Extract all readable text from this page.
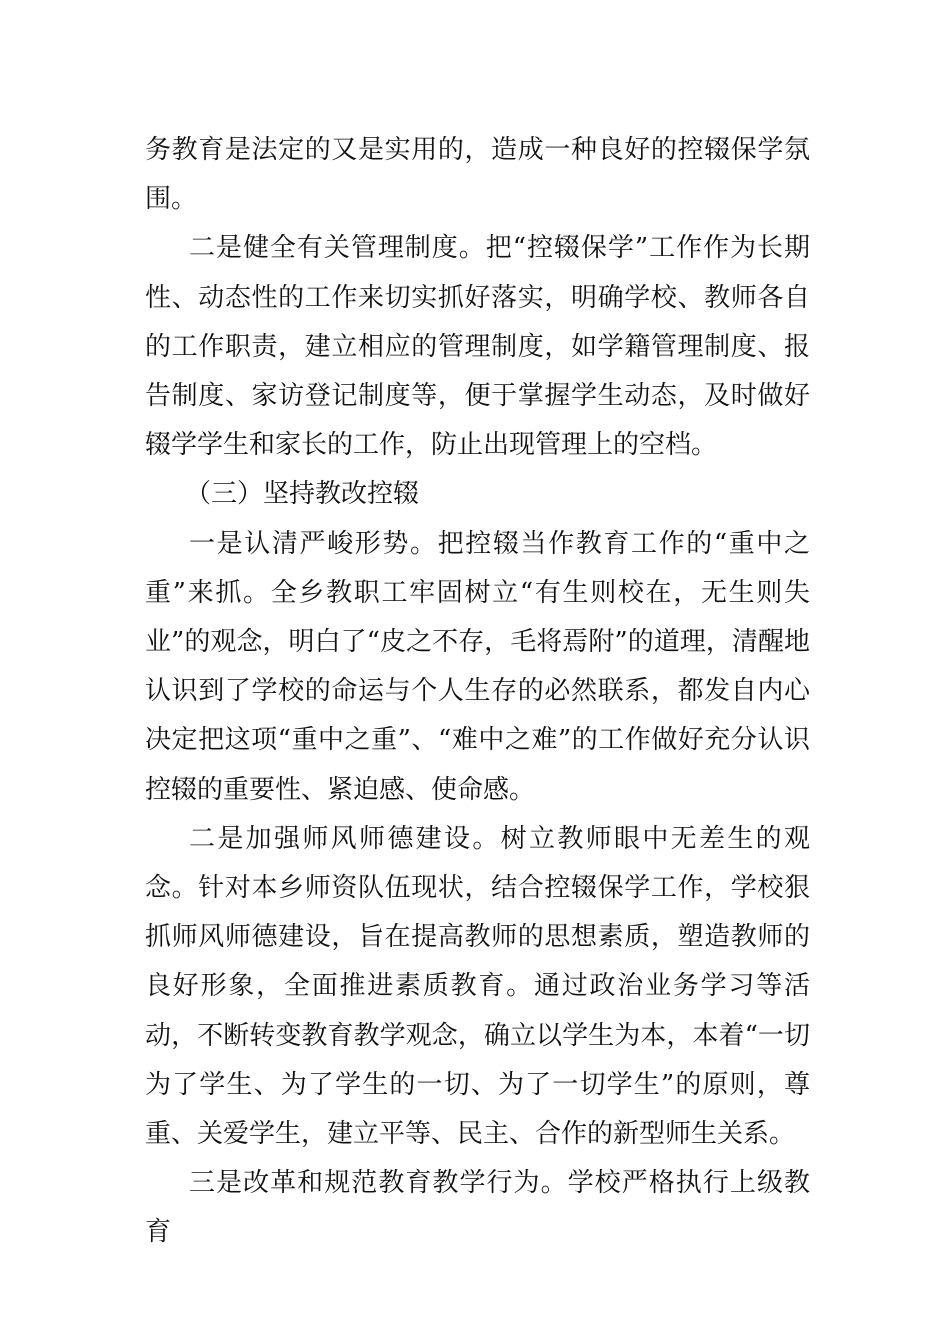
务教育是法定的又是实用的，造成一种良好的控辍保学氛围。

二是健全有关管理制度。把“控辍保学”工作作为长期性、动态性的工作来切实抓好落实，明确学校、教师各自的工作职责，建立相应的管理制度，如学籍管理制度、报告制度、家访登记制度等，便于掌握学生动态，及时做好辍学学生和家长的工作，防止出现管理上的空档。

（三）坚持教改控辍

一是认清严峻形势。把控辍当作教育工作的“重中之重”来抓。全乡教职工牢固树立“有生则校在，无生则失业”的观念，明白了“皮之不存，毛将焉附”的道理，清醒地认识到了学校的命运与个人生存的必然联系，都发自内心决定把这项“重中之重”、“难中之难”的工作做好充分认识控辍的重要性、紧迫感、使命感。

二是加强师风师德建设。树立教师眼中无差生的观念。针对本乡师资队伍现状，结合控辍保学工作，学校狠抓师风师德建设，旨在提高教师的思想素质，塑造教师的良好形象，全面推进素质教育。通过政治业务学习等活动，不断转变教育教学观念，确立以学生为本，本着“一切为了学生、为了学生的一切、为了一切学生”的原则，尊重、关爱学生，建立平等、民主、合作的新型师生关系。

三是改革和规范教育教学行为。学校严格执行上级教育
